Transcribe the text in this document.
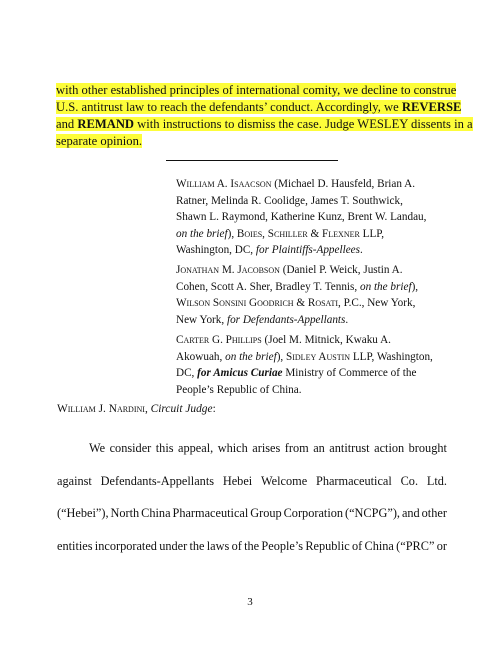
with other established principles of international comity, we decline to construe
U.S. antitrust law to reach the defendants’ conduct. Accordingly, we REVERSE
and REMAND with instructions to dismiss the case. Judge WESLEY dissents in a
separate opinion.
William A. Isaacson (Michael D. Hausfeld, Brian A.
Ratner, Melinda R. Coolidge, James T. Southwick,
Shawn L. Raymond, Katherine Kunz, Brent W. Landau,
on the brief), Boies, Schiller & Flexner LLP,
Washington, DC, for Plaintiffs-Appellees.
Jonathan M. Jacobson (Daniel P. Weick, Justin A.
Cohen, Scott A. Sher, Bradley T. Tennis, on the brief),
Wilson Sonsini Goodrich & Rosati, P.C., New York,
New York, for Defendants-Appellants.
Carter G. Phillips (Joel M. Mitnick, Kwaku A.
Akowuah, on the brief), Sidley Austin LLP, Washington,
DC, for Amicus Curiae Ministry of Commerce of the
People’s Republic of China.
William J. Nardini, Circuit Judge:
We consider this appeal, which arises from an antitrust action brought
against Defendants-Appellants Hebei Welcome Pharmaceutical Co. Ltd.
(“Hebei”), North China Pharmaceutical Group Corporation (“NCPG”), and other
entities incorporated under the laws of the People’s Republic of China (“PRC” or
3
